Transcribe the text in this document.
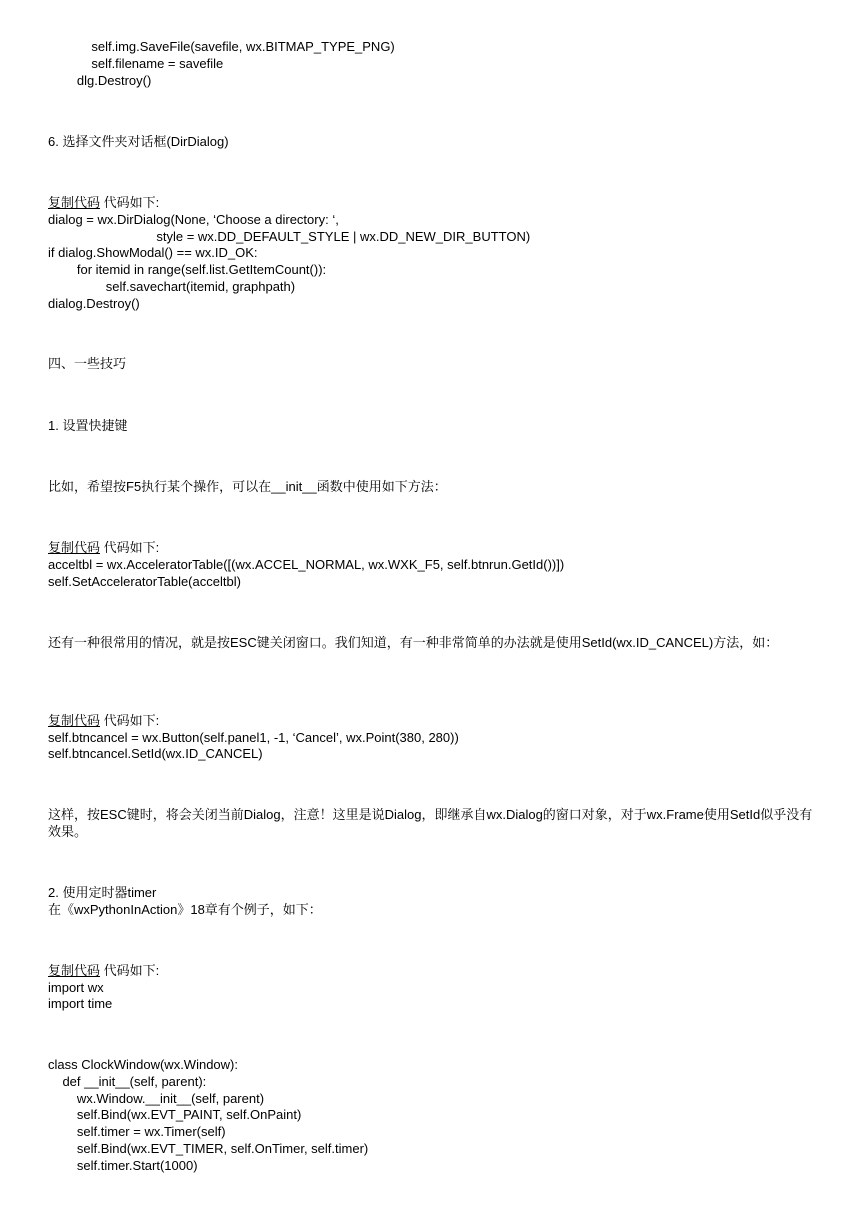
self.img.SaveFile(savefile, wx.BITMAP_TYPE_PNG)
self.filename = savefile
dlg.Destroy()
6. 选择文件夹对话框(DirDialog)
复制代码 代码如下:
dialog = wx.DirDialog(None, ‘Choose a directory: ‘,
style = wx.DD_DEFAULT_STYLE | wx.DD_NEW_DIR_BUTTON)
if dialog.ShowModal() == wx.ID_OK:
for itemid in range(self.list.GetItemCount()):
self.savechart(itemid, graphpath)
dialog.Destroy()
四、一些技巧
1. 设置快捷键
比如，希望按F5执行某个操作，可以在__init__函数中使用如下方法：
复制代码 代码如下:
acceltbl = wx.AcceleratorTable([(wx.ACCEL_NORMAL, wx.WXK_F5, self.btnrun.GetId())])
self.SetAcceleratorTable(acceltbl)
还有一种很常用的情况，就是按ESC键关闭窗口。我们知道，有一种非常简单的办法就是使用SetId(wx.ID_CANCEL)方法，如：
复制代码 代码如下:
self.btncancel = wx.Button(self.panel1, -1, ‘Cancel’, wx.Point(380, 280))
self.btncancel.SetId(wx.ID_CANCEL)
这样，按ESC键时，将会关闭当前Dialog，注意！这里是说Dialog，即继承自wx.Dialog的窗口对象，对于wx.Frame使用SetId似乎没有效果。
2. 使用定时器timer
在《wxPythonInAction》18章有个例子，如下：
复制代码 代码如下:
import wx
import time
class ClockWindow(wx.Window):
def __init__(self, parent):
wx.Window.__init__(self, parent)
self.Bind(wx.EVT_PAINT, self.OnPaint)
self.timer = wx.Timer(self)
self.Bind(wx.EVT_TIMER, self.OnTimer, self.timer)
self.timer.Start(1000)
